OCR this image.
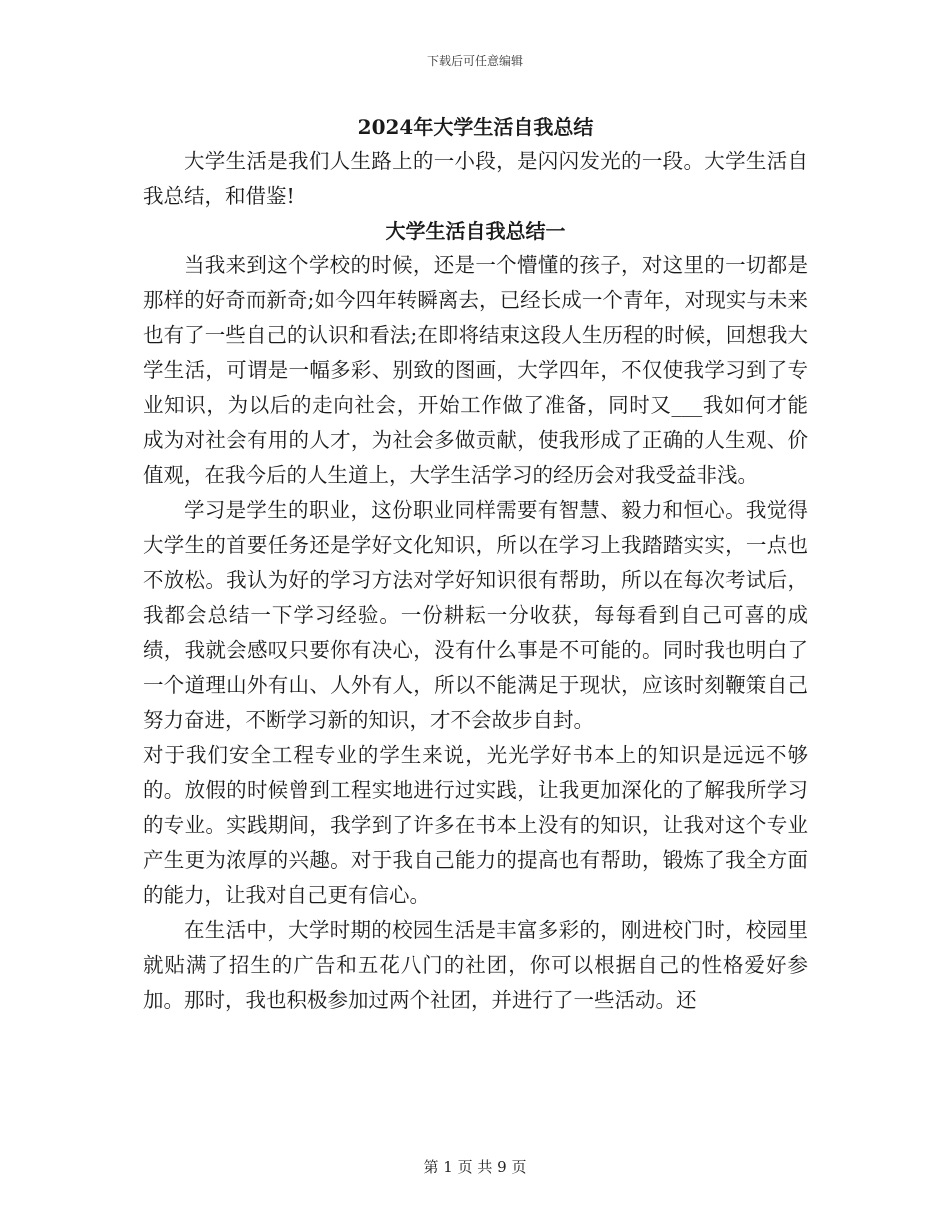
下载后可任意编辑

2024年大学生活自我总结

大学生活是我们人生路上的一小段，是闪闪发光的一段。大学生活自我总结，和借鉴!

大学生活自我总结一

当我来到这个学校的时候，还是一个懵懂的孩子，对这里的一切都是那样的好奇而新奇;如今四年转瞬离去，已经长成一个青年，对现实与未来也有了一些自己的认识和看法;在即将结束这段人生历程的时候，回想我大学生活，可谓是一幅多彩、别致的图画，大学四年，不仅使我学习到了专业知识，为以后的走向社会，开始工作做了准备，同时又___我如何才能成为对社会有用的人才，为社会多做贡献，使我形成了正确的人生观、价值观，在我今后的人生道上，大学生活学习的经历会对我受益非浅。

学习是学生的职业，这份职业同样需要有智慧、毅力和恒心。我觉得大学生的首要任务还是学好文化知识，所以在学习上我踏踏实实，一点也不放松。我认为好的学习方法对学好知识很有帮助，所以在每次考试后，我都会总结一下学习经验。一份耕耘一分收获，每每看到自己可喜的成绩，我就会感叹只要你有决心，没有什么事是不可能的。同时我也明白了一个道理山外有山、人外有人，所以不能满足于现状，应该时刻鞭策自己努力奋进，不断学习新的知识，才不会故步自封。

对于我们安全工程专业的学生来说，光光学好书本上的知识是远远不够的。放假的时候曾到工程实地进行过实践，让我更加深化的了解我所学习的专业。实践期间，我学到了许多在书本上没有的知识，让我对这个专业产生更为浓厚的兴趣。对于我自己能力的提高也有帮助，锻炼了我全方面的能力，让我对自己更有信心。

在生活中，大学时期的校园生活是丰富多彩的，刚进校门时，校园里就贴满了招生的广告和五花八门的社团，你可以根据自己的性格爱好参加。那时，我也积极参加过两个社团，并进行了一些活动。还

第 1 页 共 9 页
